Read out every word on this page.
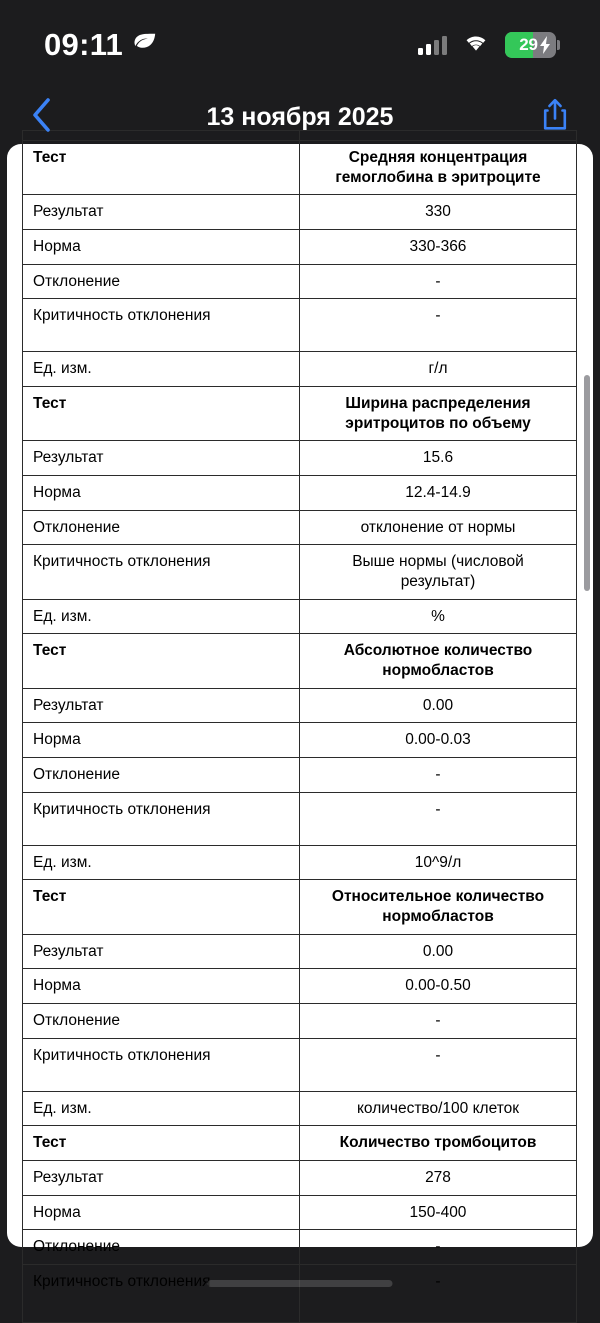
09:11	29
13 ноября 2025

Тест	Средняя концентрация гемоглобина в эритроците
Результат	330
Норма	330-366
Отклонение	-
Критичность отклонения	-
Ед. изм.	г/л
Тест	Ширина распределения эритроцитов по объему
Результат	15.6
Норма	12.4-14.9
Отклонение	отклонение от нормы
Критичность отклонения	Выше нормы (числовой результат)
Ед. изм.	%
Тест	Абсолютное количество нормобластов
Результат	0.00
Норма	0.00-0.03
Отклонение	-
Критичность отклонения	-
Ед. изм.	10^9/л
Тест	Относительное количество нормобластов
Результат	0.00
Норма	0.00-0.50
Отклонение	-
Критичность отклонения	-
Ед. изм.	количество/100 клеток
Тест	Количество тромбоцитов
Результат	278
Норма	150-400
Отклонение	-
Критичность отклонения	-
